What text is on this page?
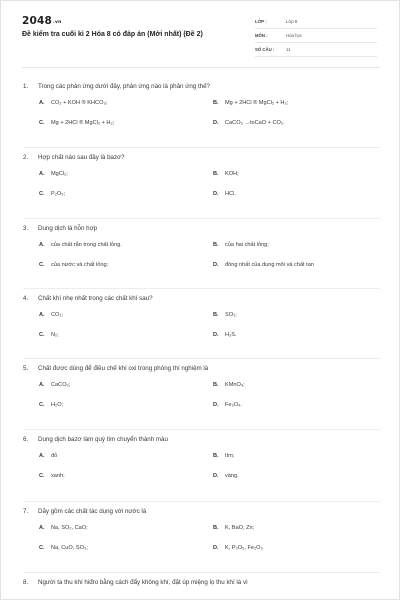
2048.vn
Đề kiểm tra cuối kì 2 Hóa 8 có đáp án (Mới nhất) (Đề 2)
LỚP :	Lớp 8
MÔN :	Hóa học
SỐ CÂU :	11
1. Trong các phản ứng dưới đây, phản ứng nào là phản ứng thế?
A. CO₂ + KOH ® KHCO₃;	B. Mg + 2HCl ® MgCl₂ + H₂;
C. Mg + 2HCl ® MgCl₂ + H₂;	D. CaCO₃ →toCaO + CO₂.
2. Hợp chất nào sau đây là bazơ?
A. MgCl₂;	B. KOH;
C. P₂O₅;	D. HCl.
3. Dung dịch là hỗn hợp
A. của chất rắn trong chất lỏng.	B. của hai chất lỏng;
C. của nước và chất lỏng;	D. đồng nhất của dung môi và chất tan
4. Chất khí nhẹ nhất trong các chất khí sau?
A. CO₂;	B. SO₂;
C. N₂;	D. H₂S.
5. Chất được dùng để điều chế khí oxi trong phòng thí nghiệm là
A. CaCO₃;	B. KMnO₄;
C. H₂O;	D. Fe₃O₄.
6. Dung dịch bazơ làm quỳ tím chuyển thành màu
A. đỏ	B. tím;
C. xanh;	D. vàng.
7. Dãy gồm các chất tác dụng với nước là
A. Na, SO₂, CaO;	B. K, BaO, Zn;
C. Na, CuO, SO₃;	D. K, P₂O₅, Fe₂O₃
8. Người ta thu khí hiđro bằng cách đẩy không khí, đặt úp miệng lọ thu khí là vì
